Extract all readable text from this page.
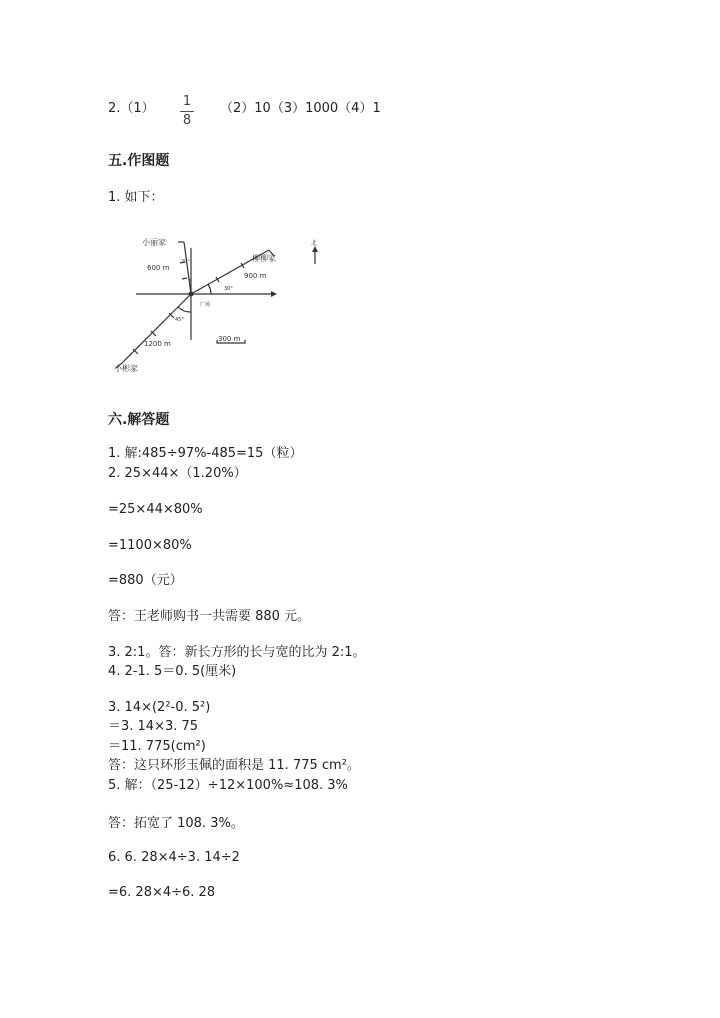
2.（1） 1
8
（2）10（3）1000（4）1
五.作图题
1. 如下：
小丽家
柳柳家
小彬家
600 m
900 m
1200 m
300 m
广场
20°
30°
45°
北
六.解答题
1. 解:485÷97%-485=15（粒）
2. 25×44×（1.20%）
=25×44×80%
=1100×80%
=880（元）
答：王老师购书一共需要 880 元。
3. 2:1。答：新长方形的长与宽的比为 2:1。
4. 2-1. 5＝0. 5(厘米)
3. 14×(2²-0. 5²)
＝3. 14×3. 75
＝11. 775(cm²)
答：这只环形玉佩的面积是 11. 775 cm²。
5. 解：（25-12）÷12×100%≈108. 3%
答：拓宽了 108. 3%。
6. 6. 28×4÷3. 14÷2
=6. 28×4÷6. 28
